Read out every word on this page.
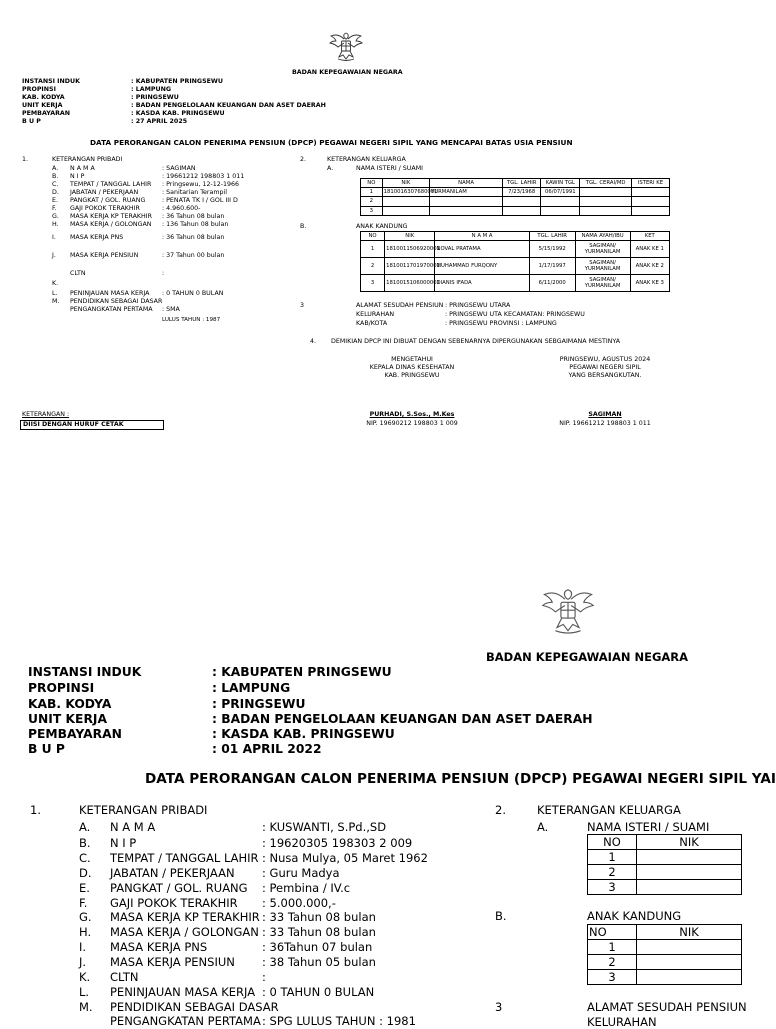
BADAN KEPEGAWAIAN NEGARA
INSTANSI INDUK	: KABUPATEN PRINGSEWU
PROPINSI	: LAMPUNG
KAB. KODYA	: PRINGSEWU
UNIT KERJA	: BADAN PENGELOLAAN KEUANGAN DAN ASET DAERAH
PEMBAYARAN	: KASDA KAB. PRINGSEWU
B U P	: 27 APRIL 2025
DATA PERORANGAN CALON PENERIMA PENSIUN (DPCP) PEGAWAI NEGERI SIPIL YANG MENCAPAI BATAS USIA PENSIUN
1.	KETERANGAN PRIBADI
A. N A M A	: SAGIMAN
B. N I P	: 19661212 198803 1 011
C. TEMPAT / TANGGAL LAHIR : Pringsewu, 12-12-1966
D. JABATAN / PEKERJAAN	: Sanitarian Terampil
E. PANGKAT / GOL. RUANG	: PENATA TK I / GOL III D
F. GAJI POKOK TERAKHIR	: 4.960.600-
G. MASA KERJA KP TERAKHIR : 36 Tahun 08 bulan
H. MASA KERJA / GOLONGAN : 136 Tahun 08 bulan
I. MASA KERJA PNS	: 36 Tahun 08 bulan
J. MASA KERJA PENSIUN	: 37 Tahun 00 bulan
CLTN	:
K.
L. PENINJAUAN MASA KERJA : 0 TAHUN 0 BULAN
M. PENDIDIKAN SEBAGAI DASAR
PENGANGKATAN PERTAMA : SMA
LULUS TAHUN : 1987
2.	KETERANGAN KELUARGA
A.	NAMA ISTERI / SUAMI
NO	NIK	NAMA	TGL. LAHIR	KAWIN TGL	TGL. CERAI/MD	ISTERI KE
1	1810016307680001	YURMANILAM	7/23/1968	06/07/1991		
2						
3						
B.	ANAK KANDUNG
NO	NIK	N A M A	TGL. LAHIR	NAMA AYAH/IBU	KET
1	1810011506920001	NOVAL PRATAMA	5/15/1992	SAGIMAN/ YURMANILAM	ANAK KE 1
2	1810011701970001	MUHAMMAD FURQONY	1/17/1997	SAGIMAN/ YURMANILAM	ANAK KE 2
3	1810015106000001	DIANIS IFADA	6/11/2000	SAGIMAN/ YURMANILAM	ANAK KE 3
3	ALAMAT SESUDAH PENSIUN : PRINGSEWU UTARA
KELURAHAN	: PRINGSEWU UTA KECAMATAN: PRINGSEWU
KAB/KOTA	: PRINGSEWU PROVINSI : LAMPUNG
4. DEMIKIAN DPCP INI DIBUAT DENGAN SEBENARNYA DIPERGUNAKAN SEBGAIMANA MESTINYA
MENGETAHUI
KEPALA DINAS KESEHATAN
KAB. PRINGSEWU
PURHADI, S.Sos., M.Kes
NIP. 19690212 198803 1 009
PRINGSEWU, AGUSTUS 2024
PEGAWAI NEGERI SIPIL
YANG BERSANGKUTAN.
SAGIMAN
NIP. 19661212 198803 1 011
KETERANGAN :
DIISI DENGAN HURUF CETAK
BADAN KEPEGAWAIAN NEGARA
INSTANSI INDUK	: KABUPATEN PRINGSEWU
PROPINSI	: LAMPUNG
KAB. KODYA	: PRINGSEWU
UNIT KERJA	: BADAN PENGELOLAAN KEUANGAN DAN ASET DAERAH
PEMBAYARAN	: KASDA KAB. PRINGSEWU
B U P	: 01 APRIL 2022
DATA PERORANGAN CALON PENERIMA PENSIUN (DPCP) PEGAWAI NEGERI SIPIL YAI
1.	KETERANGAN PRIBADI
A. N A M A	: KUSWANTI, S.Pd.,SD
B. N I P	: 19620305 198303 2 009
C. TEMPAT / TANGGAL LAHIR : Nusa Mulya, 05 Maret 1962
D. JABATAN / PEKERJAAN : Guru Madya
E. PANGKAT / GOL. RUANG : Pembina / IV.c
F. GAJI POKOK TERAKHIR : 5.000.000,-
G. MASA KERJA KP TERAKHIR : 33 Tahun 08 bulan
H. MASA KERJA / GOLONGAN : 33 Tahun 08 bulan
I. MASA KERJA PNS	: 36Tahun 07 bulan
J. MASA KERJA PENSIUN : 38 Tahun 05 bulan
K. CLTN	:
L. PENINJAUAN MASA KERJA : 0 TAHUN 0 BULAN
M. PENDIDIKAN SEBAGAI DASAR
PENGANGKATAN PERTAMA : SPG LULUS TAHUN : 1981
2.	KETERANGAN KELUARGA
A.	NAMA ISTERI / SUAMI
NO	NIK
1	
2	
3	
B.	ANAK KANDUNG
NO	NIK
1	
2	
3	
3	ALAMAT SESUDAH PENSIUN
KELURAHAN
